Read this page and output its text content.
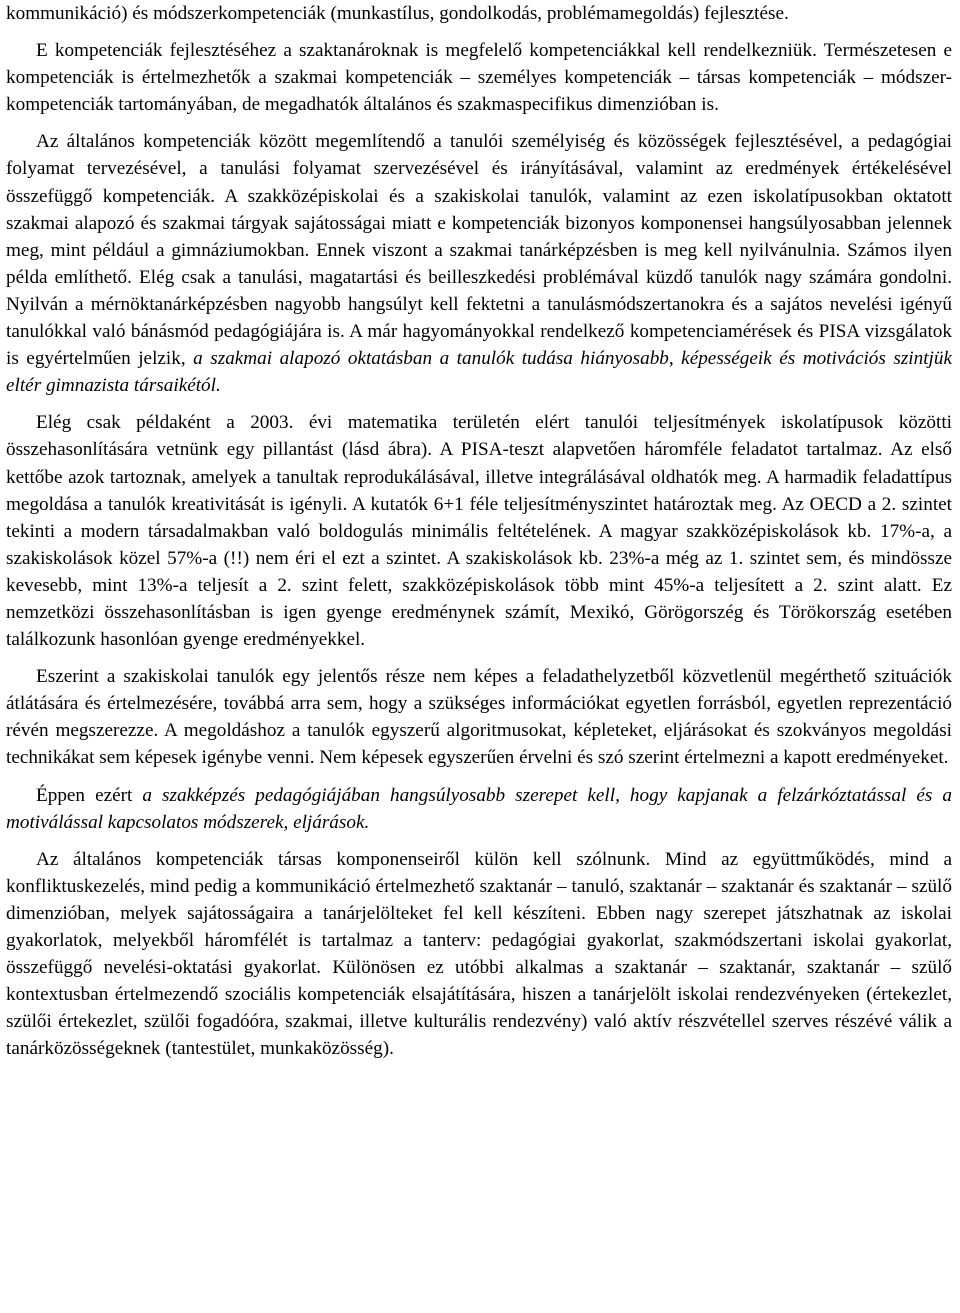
kommunikáció) és módszerkompetenciák (munkastílus, gondolkodás, problémamegoldás) fejlesztése.

E kompetenciák fejlesztéséhez a szaktanároknak is megfelelő kompetenciákkal kell rendelkezniük. Természetesen e kompetenciák is értelmezhetők a szakmai kompetenciák – személyes kompetenciák – társas kompetenciák – módszer-kompetenciák tartományában, de megadhatók általános és szakmaspecifikus dimenzióban is.

Az általános kompetenciák között megemlítendő a tanulói személyiség és közösségek fejlesztésével, a pedagógiai folyamat tervezésével, a tanulási folyamat szervezésével és irányításával, valamint az eredmények értékelésével összefüggő kompetenciák. A szakközépiskolai és a szakiskolai tanulók, valamint az ezen iskolatípusokban oktatott szakmai alapozó és szakmai tárgyak sajátosságai miatt e kompetenciák bizonyos komponensei hangsúlyosabban jelennek meg, mint például a gimnáziumokban. Ennek viszont a szakmai tanárképzésben is meg kell nyilvánulnia. Számos ilyen példa említhető. Elég csak a tanulási, magatartási és beilleszkedési problémával küzdő tanulók nagy számára gondolni. Nyilván a mérnöktanárképzésben nagyobb hangsúlyt kell fektetni a tanulásmódszertanokra és a sajátos nevelési igényű tanulókkal való bánásmód pedagógiájára is. A már hagyományokkal rendelkező kompetenciamérések és PISA vizsgálatok is egyértelműen jelzik, a szakmai alapozó oktatásban a tanulók tudása hiányosabb, képességeik és motivációs szintjük eltér gimnazista társaikétól.

Elég csak példaként a 2003. évi matematika területén elért tanulói teljesítmények iskolatípusok közötti összehasonlítására vetnünk egy pillantást (lásd ábra). A PISA-teszt alapvetően háromféle feladatot tartalmaz. Az első kettőbe azok tartoznak, amelyek a tanultak reprodukálásával, illetve integrálásával oldhatók meg. A harmadik feladattípus megoldása a tanulók kreativitását is igényli. A kutatók 6+1 féle teljesítményszintet határoztak meg. Az OECD a 2. szintet tekinti a modern társadalmakban való boldogulás minimális feltételének. A magyar szakközépiskolások kb. 17%-a, a szakiskolások közel 57%-a (!!) nem éri el ezt a szintet. A szakiskolások kb. 23%-a még az 1. szintet sem, és mindössze kevesebb, mint 13%-a teljesít a 2. szint felett, szakközépiskolások több mint 45%-a teljesített a 2. szint alatt. Ez nemzetközi összehasonlításban is igen gyenge eredménynek számít, Mexikó, Görögorszég és Törökország esetében találkozunk hasonlóan gyenge eredményekkel.

Eszerint a szakiskolai tanulók egy jelentős része nem képes a feladathelyzetből közvetlenül megérthető szituációk átlátására és értelmezésére, továbbá arra sem, hogy a szükséges információkat egyetlen forrásból, egyetlen reprezentáció révén megszerezze. A megoldáshoz a tanulók egyszerű algoritmusokat, képleteket, eljárásokat és szokványos megoldási technikákat sem képesek igénybe venni. Nem képesek egyszerűen érvelni és szó szerint értelmezni a kapott eredményeket.

Éppen ezért a szakképzés pedagógiájában hangsúlyosabb szerepet kell, hogy kapjanak a felzárkóztatással és a motiválással kapcsolatos módszerek, eljárások.

Az általános kompetenciák társas komponenseiről külön kell szólnunk. Mind az együttműködés, mind a konfliktuskezelés, mind pedig a kommunikáció értelmezhető szaktanár – tanuló, szaktanár – szaktanár és szaktanár – szülő dimenzióban, melyek sajátosságaira a tanárjelölteket fel kell készíteni. Ebben nagy szerepet játszhatnak az iskolai gyakorlatok, melyekből háromfélét is tartalmaz a tanterv: pedagógiai gyakorlat, szakmódszertani iskolai gyakorlat, összefüggő nevelési-oktatási gyakorlat. Különösen ez utóbbi alkalmas a szaktanár – szaktanár, szaktanár – szülő kontextusban értelmezendő szociális kompetenciák elsajátítására, hiszen a tanárjelölt iskolai rendezvényeken (értekezlet, szülői értekezlet, szülői fogadóóra, szakmai, illetve kulturális rendezvény) való aktív részvétellel szerves részévé válik a tanárközösségeknek (tantestület, munkaközösség).
